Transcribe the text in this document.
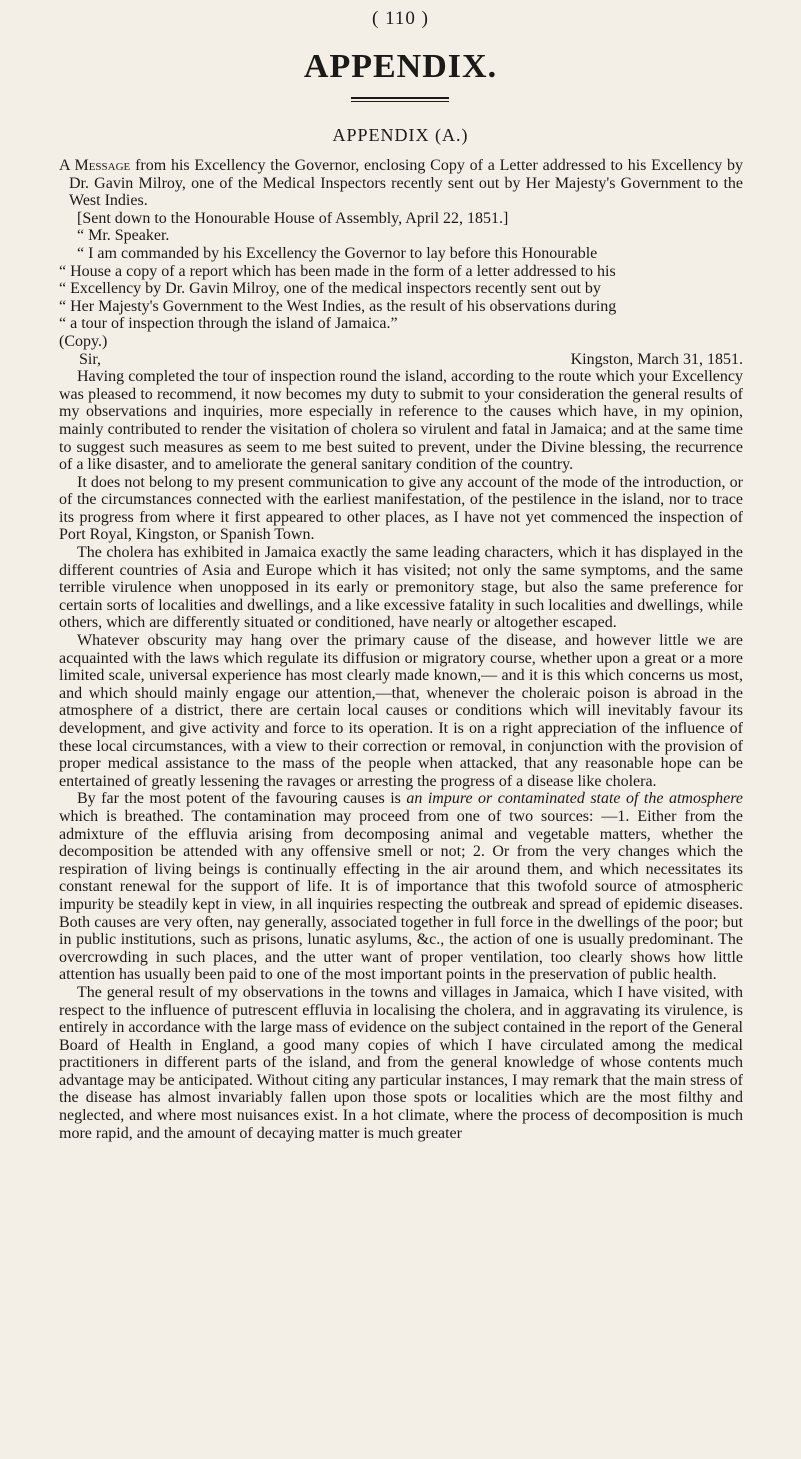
( 110 )
APPENDIX.
APPENDIX (A.)

A Message from his Excellency the Governor, enclosing Copy of a Letter addressed to his Excellency by Dr. Gavin Milroy, one of the Medical Inspectors recently sent out by Her Majesty's Government to the West Indies.

[Sent down to the Honourable House of Assembly, April 22, 1851.]

“ Mr. Speaker.

“ I am commanded by his Excellency the Governor to lay before this Honourable

“ House a copy of a report which has been made in the form of a letter addressed to his

“ Excellency by Dr. Gavin Milroy, one of the medical inspectors recently sent out by

“ Her Majesty's Government to the West Indies, as the result of his observations during

“ a tour of inspection through the island of Jamaica.”

(Copy.)

Sir,	Kingston, March 31, 1851.

Having completed the tour of inspection round the island, according to the route which your Excellency was pleased to recommend, it now becomes my duty to submit to your consideration the general results of my observations and inquiries, more especially in reference to the causes which have, in my opinion, mainly contributed to render the visitation of cholera so virulent and fatal in Jamaica; and at the same time to suggest such measures as seem to me best suited to prevent, under the Divine blessing, the recurrence of a like disaster, and to ameliorate the general sanitary condition of the country.

It does not belong to my present communication to give any account of the mode of the introduction, or of the circumstances connected with the earliest manifestation, of the pestilence in the island, nor to trace its progress from where it first appeared to other places, as I have not yet commenced the inspection of Port Royal, Kingston, or Spanish Town.

The cholera has exhibited in Jamaica exactly the same leading characters, which it has displayed in the different countries of Asia and Europe which it has visited; not only the same symptoms, and the same terrible virulence when unopposed in its early or premonitory stage, but also the same preference for certain sorts of localities and dwellings, and a like excessive fatality in such localities and dwellings, while others, which are differently situated or conditioned, have nearly or altogether escaped.

Whatever obscurity may hang over the primary cause of the disease, and however little we are acquainted with the laws which regulate its diffusion or migratory course, whether upon a great or a more limited scale, universal experience has most clearly made known,— and it is this which concerns us most, and which should mainly engage our attention,—that, whenever the choleraic poison is abroad in the atmosphere of a district, there are certain local causes or conditions which will inevitably favour its development, and give activity and force to its operation. It is on a right appreciation of the influence of these local circumstances, with a view to their correction or removal, in conjunction with the provision of proper medical assistance to the mass of the people when attacked, that any reasonable hope can be entertained of greatly lessening the ravages or arresting the progress of a disease like cholera.

By far the most potent of the favouring causes is an impure or contaminated state of the atmosphere which is breathed. The contamination may proceed from one of two sources: —1. Either from the admixture of the effluvia arising from decomposing animal and vegetable matters, whether the decomposition be attended with any offensive smell or not; 2. Or from the very changes which the respiration of living beings is continually effecting in the air around them, and which necessitates its constant renewal for the support of life. It is of importance that this twofold source of atmospheric impurity be steadily kept in view, in all inquiries respecting the outbreak and spread of epidemic diseases. Both causes are very often, nay generally, associated together in full force in the dwellings of the poor; but in public institutions, such as prisons, lunatic asylums, &c., the action of one is usually predominant. The overcrowding in such places, and the utter want of proper ventilation, too clearly shows how little attention has usually been paid to one of the most important points in the preservation of public health.

The general result of my observations in the towns and villages in Jamaica, which I have visited, with respect to the influence of putrescent effluvia in localising the cholera, and in aggravating its virulence, is entirely in accordance with the large mass of evidence on the subject contained in the report of the General Board of Health in England, a good many copies of which I have circulated among the medical practitioners in different parts of the island, and from the general knowledge of whose contents much advantage may be anticipated. Without citing any particular instances, I may remark that the main stress of the disease has almost invariably fallen upon those spots or localities which are the most filthy and neglected, and where most nuisances exist. In a hot climate, where the process of decomposition is much more rapid, and the amount of decaying matter is much greater
